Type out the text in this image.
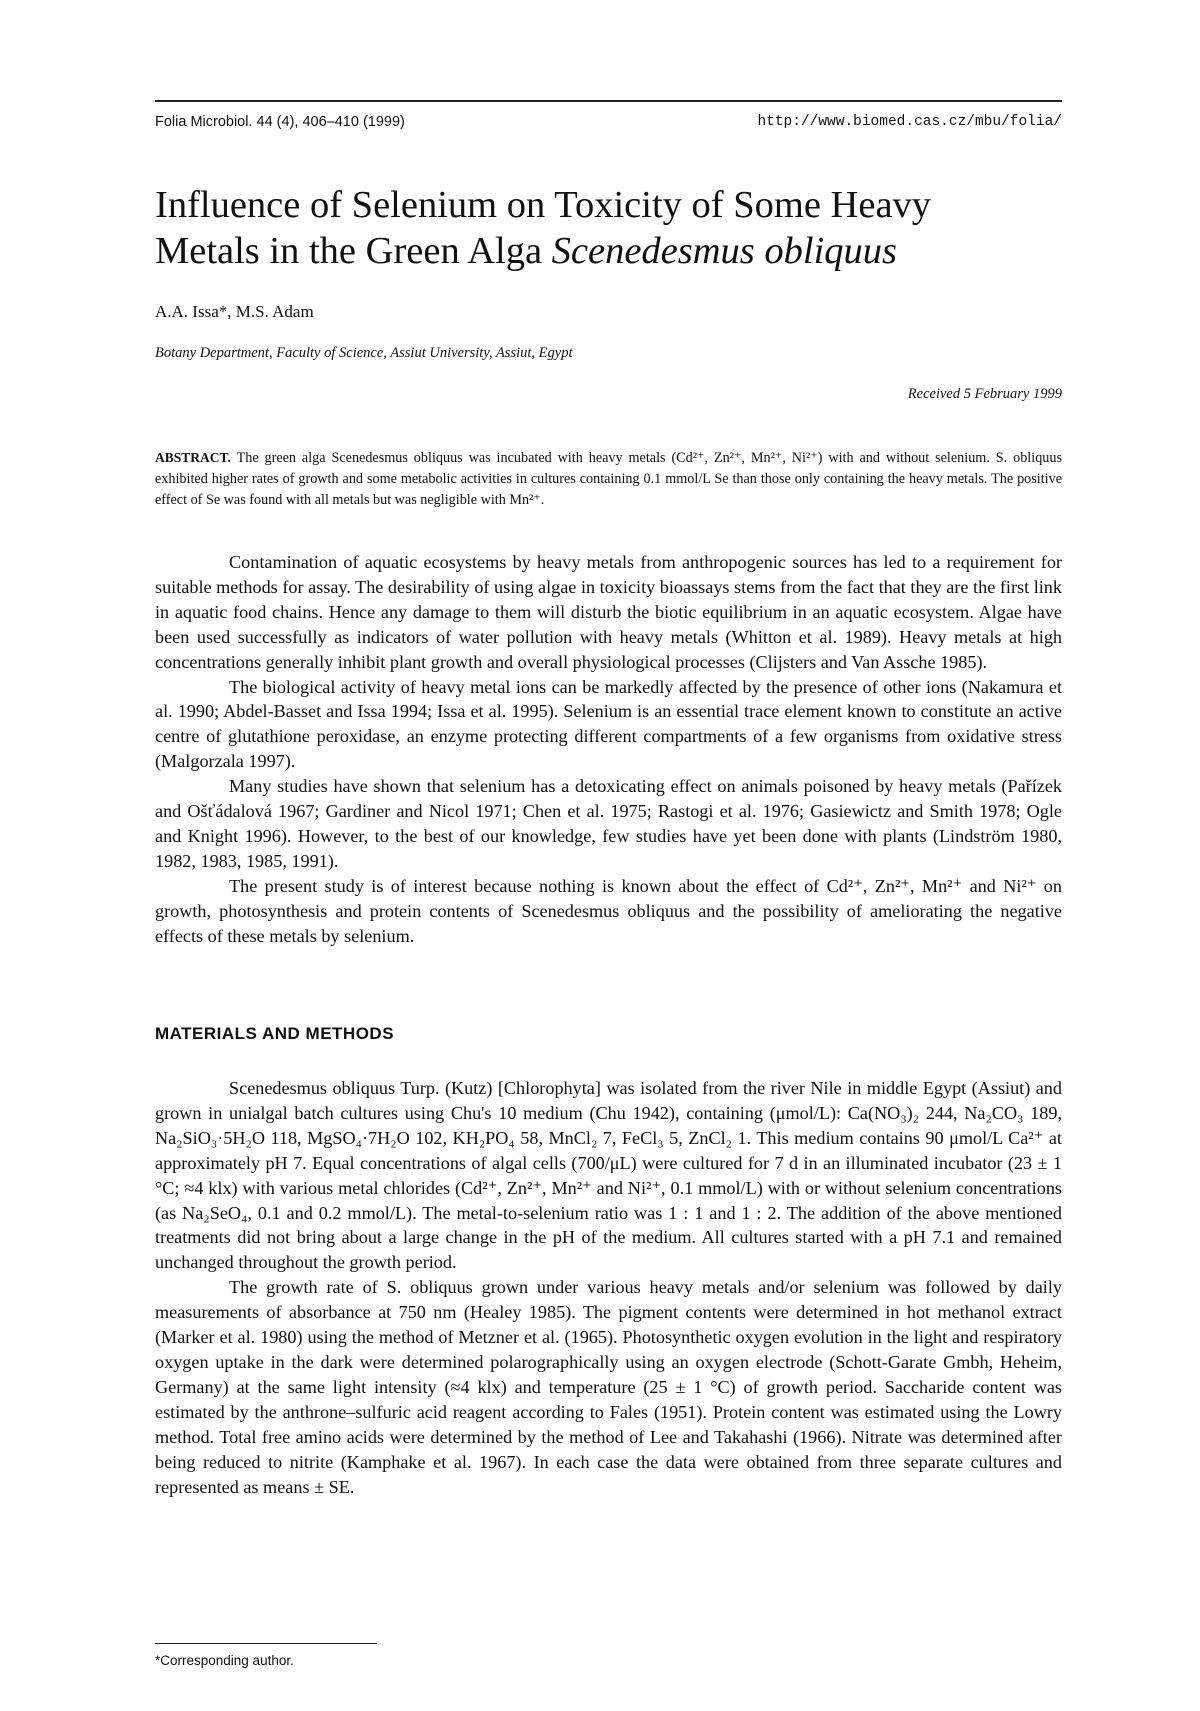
Folia Microbiol. 44 (4), 406–410 (1999)	http://www.biomed.cas.cz/mbu/folia/
Influence of Selenium on Toxicity of Some Heavy
Metals in the Green Alga Scenedesmus obliquus
A.A. Issa*, M.S. Adam
Botany Department, Faculty of Science, Assiut University, Assiut, Egypt
Received 5 February 1999
ABSTRACT. The green alga Scenedesmus obliquus was incubated with heavy metals (Cd²⁺, Zn²⁺, Mn²⁺, Ni²⁺) with and without selenium. S. obliquus exhibited higher rates of growth and some metabolic activities in cultures containing 0.1 mmol/L Se than those only containing the heavy metals. The positive effect of Se was found with all metals but was negligible with Mn²⁺.

Contamination of aquatic ecosystems by heavy metals from anthropogenic sources has led to a requirement for suitable methods for assay. The desirability of using algae in toxicity bioassays stems from the fact that they are the first link in aquatic food chains. Hence any damage to them will disturb the biotic equilibrium in an aquatic ecosystem. Algae have been used successfully as indicators of water pollution with heavy metals (Whitton et al. 1989). Heavy metals at high concentrations generally inhibit plant growth and overall physiological processes (Clijsters and Van Assche 1985).

The biological activity of heavy metal ions can be markedly affected by the presence of other ions (Nakamura et al. 1990; Abdel-Basset and Issa 1994; Issa et al. 1995). Selenium is an essential trace element known to constitute an active centre of glutathione peroxidase, an enzyme protecting different compartments of a few organisms from oxidative stress (Malgorzala 1997).

Many studies have shown that selenium has a detoxicating effect on animals poisoned by heavy metals (Pařízek and Ošťádalová 1967; Gardiner and Nicol 1971; Chen et al. 1975; Rastogi et al. 1976; Gasiewictz and Smith 1978; Ogle and Knight 1996). However, to the best of our knowledge, few studies have yet been done with plants (Lindström 1980, 1982, 1983, 1985, 1991).

The present study is of interest because nothing is known about the effect of Cd²⁺, Zn²⁺, Mn²⁺ and Ni²⁺ on growth, photosynthesis and protein contents of Scenedesmus obliquus and the possibility of ameliorating the negative effects of these metals by selenium.

MATERIALS AND METHODS

Scenedesmus obliquus Turp. (Kutz) [Chlorophyta] was isolated from the river Nile in middle Egypt (Assiut) and grown in unialgal batch cultures using Chu's 10 medium (Chu 1942), containing (μmol/L): Ca(NO₃)₂ 244, Na₂CO₃ 189, Na₂SiO₃·5H₂O 118, MgSO₄·7H₂O 102, KH₂PO₄ 58, MnCl₂ 7, FeCl₃ 5, ZnCl₂ 1. This medium contains 90 μmol/L Ca²⁺ at approximately pH 7. Equal concentrations of algal cells (700/μL) were cultured for 7 d in an illuminated incubator (23 ± 1 °C; ≈4 klx) with various metal chlorides (Cd²⁺, Zn²⁺, Mn²⁺ and Ni²⁺, 0.1 mmol/L) with or without selenium concentrations (as Na₂SeO₄, 0.1 and 0.2 mmol/L). The metal-to-selenium ratio was 1 : 1 and 1 : 2. The addition of the above mentioned treatments did not bring about a large change in the pH of the medium. All cultures started with a pH 7.1 and remained unchanged throughout the growth period.

The growth rate of S. obliquus grown under various heavy metals and/or selenium was followed by daily measurements of absorbance at 750 nm (Healey 1985). The pigment contents were determined in hot methanol extract (Marker et al. 1980) using the method of Metzner et al. (1965). Photosynthetic oxygen evolution in the light and respiratory oxygen uptake in the dark were determined polarographically using an oxygen electrode (Schott-Garate Gmbh, Heheim, Germany) at the same light intensity (≈4 klx) and temperature (25 ± 1 °C) of growth period. Saccharide content was estimated by the anthrone–sulfuric acid reagent according to Fales (1951). Protein content was estimated using the Lowry method. Total free amino acids were determined by the method of Lee and Takahashi (1966). Nitrate was determined after being reduced to nitrite (Kamphake et al. 1967). In each case the data were obtained from three separate cultures and represented as means ± SE.

*Corresponding author.
